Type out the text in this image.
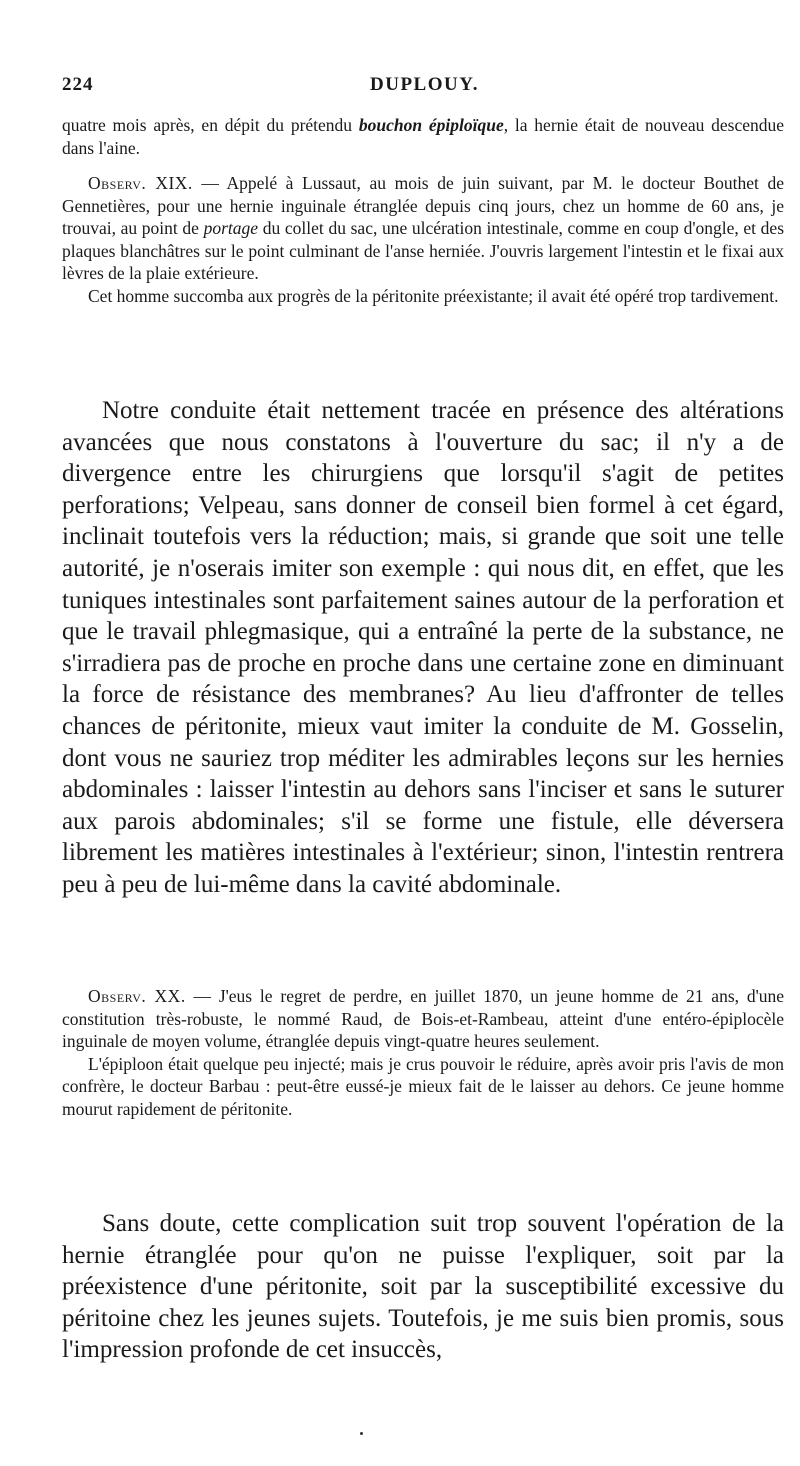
224	DUPLOUY.

quatre mois après, en dépit du prétendu bouchon épiploïque, la hernie était de nouveau descendue dans l'aine.

Observ. XIX. — Appelé à Lussaut, au mois de juin suivant, par M. le docteur Bouthet de Gennetières, pour une hernie inguinale étranglée depuis cinq jours, chez un homme de 60 ans, je trouvai, au point de portage du collet du sac, une ulcération intestinale, comme en coup d'ongle, et des plaques blanchâtres sur le point culminant de l'anse herniée. J'ouvris largement l'intestin et le fixai aux lèvres de la plaie extérieure.

Cet homme succomba aux progrès de la péritonite préexistante; il avait été opéré trop tardivement.

Notre conduite était nettement tracée en présence des altérations avancées que nous constatons à l'ouverture du sac; il n'y a de divergence entre les chirurgiens que lorsqu'il s'agit de petites perforations; Velpeau, sans donner de conseil bien formel à cet égard, inclinait toutefois vers la réduction; mais, si grande que soit une telle autorité, je n'oserais imiter son exemple : qui nous dit, en effet, que les tuniques intestinales sont parfaitement saines autour de la perforation et que le travail phlegmasique, qui a entraîné la perte de la substance, ne s'irradiera pas de proche en proche dans une certaine zone en diminuant la force de résistance des membranes? Au lieu d'affronter de telles chances de péritonite, mieux vaut imiter la conduite de M. Gosselin, dont vous ne sauriez trop méditer les admirables leçons sur les hernies abdominales : laisser l'intestin au dehors sans l'inciser et sans le suturer aux parois abdominales; s'il se forme une fistule, elle déversera librement les matières intestinales à l'extérieur; sinon, l'intestin rentrera peu à peu de lui-même dans la cavité abdominale.

Observ. XX. — J'eus le regret de perdre, en juillet 1870, un jeune homme de 21 ans, d'une constitution très-robuste, le nommé Raud, de Bois-et-Rambeau, atteint d'une entéro-épiplocèle inguinale de moyen volume, étranglée depuis vingt-quatre heures seulement.

L'épiploon était quelque peu injecté; mais je crus pouvoir le réduire, après avoir pris l'avis de mon confrère, le docteur Barbau : peut-être eussé-je mieux fait de le laisser au dehors. Ce jeune homme mourut rapidement de péritonite.

Sans doute, cette complication suit trop souvent l'opération de la hernie étranglée pour qu'on ne puisse l'expliquer, soit par la préexistence d'une péritonite, soit par la susceptibilité excessive du péritoine chez les jeunes sujets. Toutefois, je me suis bien promis, sous l'impression profonde de cet insuccès,
